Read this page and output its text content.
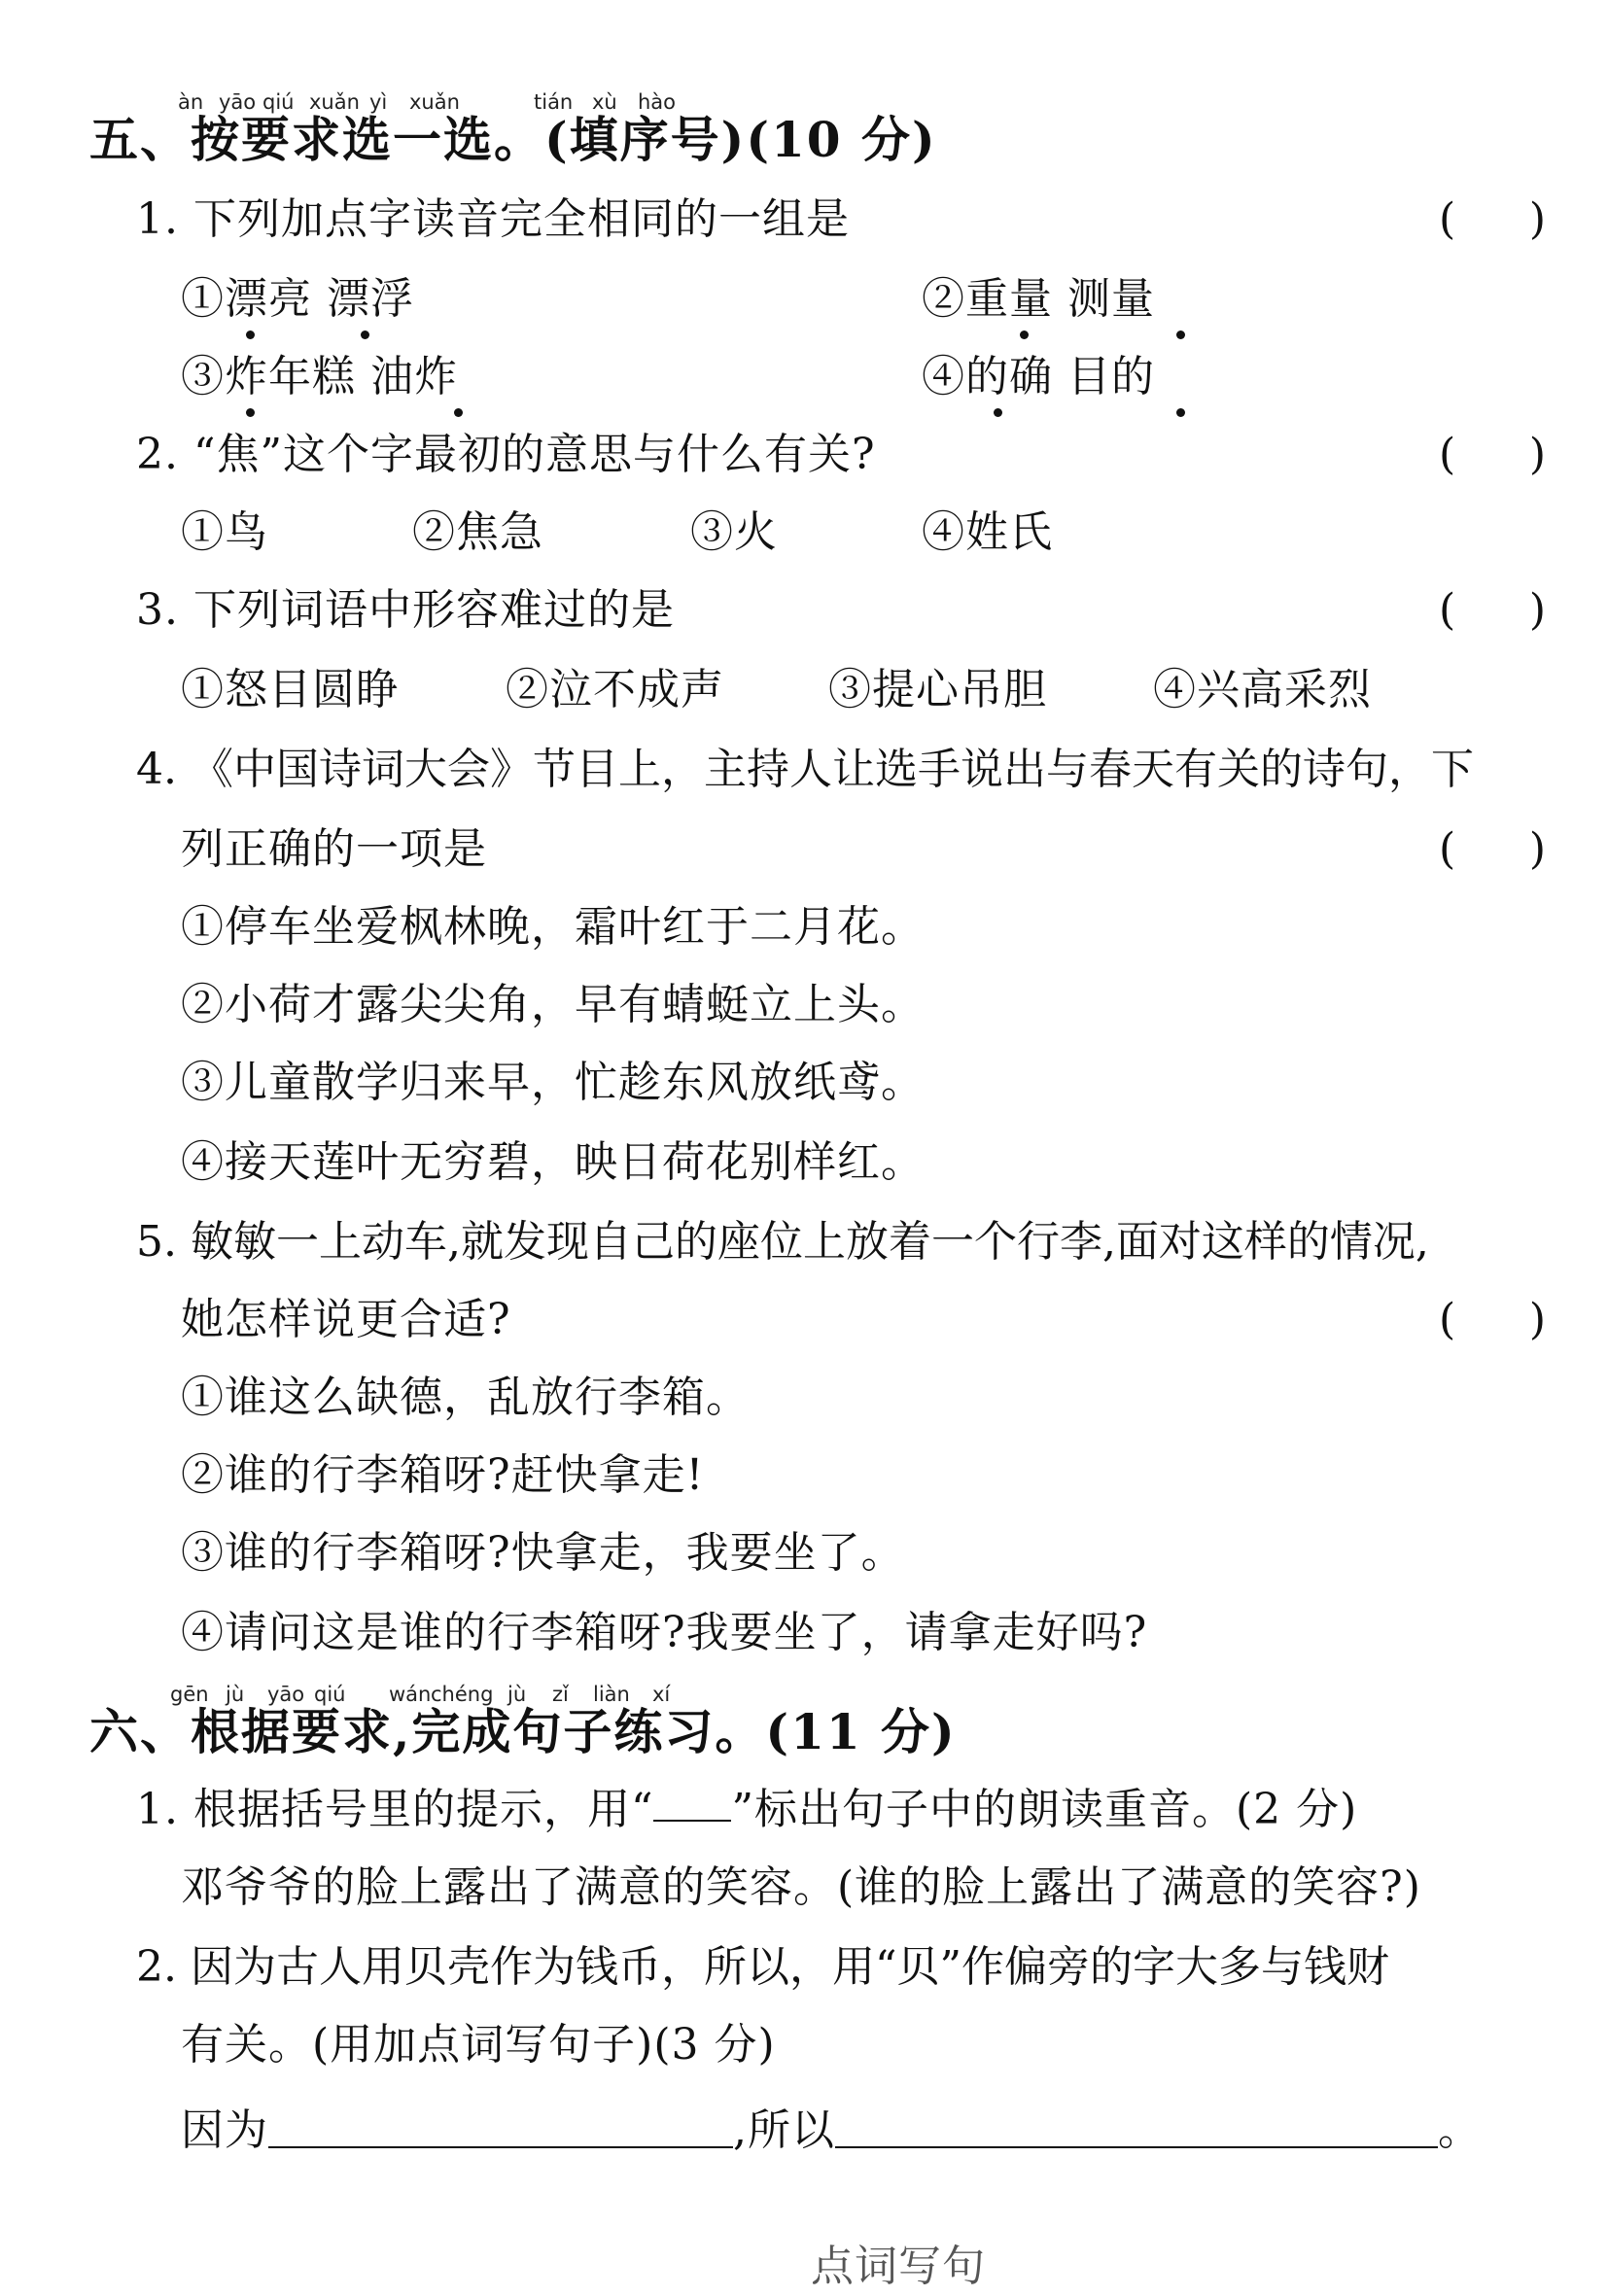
àn yāo qiú xuǎn yì xuǎn	tián xù hào
五、按要求选一选。(填序号)(10 分)
1. 下列加点字读音完全相同的一组是	( )
①漂亮 漂浮	②重量 测量
③炸年糕 油炸	④的确 目的
2. “焦”这个字最初的意思与什么有关?	( )
①鸟	②焦急	③火	④姓氏
3. 下列词语中形容难过的是	( )
①怒目圆睁 ②泣不成声 ③提心吊胆 ④兴高采烈
4. 《中国诗词大会》节目上，主持人让选手说出与春天有关的诗句，下
列正确的一项是	( )
①停车坐爱枫林晚，霜叶红于二月花。
②小荷才露尖尖角，早有蜻蜓立上头。
③儿童散学归来早，忙趁东风放纸鸢。
④接天莲叶无穷碧，映日荷花别样红。
5. 敏敏一上动车,就发现自己的座位上放着一个行李,面对这样的情况,
她怎样说更合适?	( )
①谁这么缺德，乱放行李箱。
②谁的行李箱呀?赶快拿走!
③谁的行李箱呀?快拿走，我要坐了。
④请问这是谁的行李箱呀?我要坐了，请拿走好吗?
gēn jù yāo qiú wán chéng jù zǐ liàn xí
六、根据要求,完成句子练习。(11 分)
1. 根据括号里的提示，用“ ”标出句子中的朗读重音。(2 分)
邓爷爷的脸上露出了满意的笑容。(谁的脸上露出了满意的笑容?)
2. 因为古人用贝壳作为钱币，所以，用“贝”作偏旁的字大多与钱财
有关。(用加点词写句子)(3 分)
因为	,所以	。
点词写句
